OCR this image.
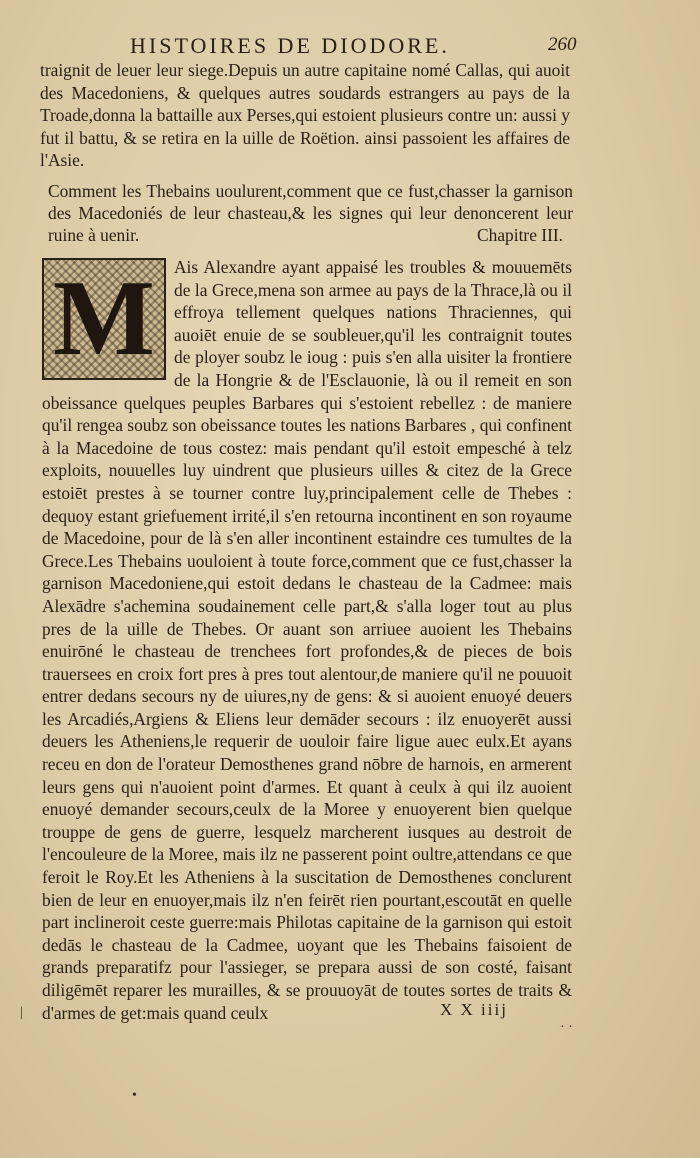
HISTOIRES DE DIODORE.	260

traignit de leuer leur siege.Depuis un autre capitaine nomé Callas, qui auoit des Macedoniens, & quelques autres soudards estrangers au pays de la Troade,donna la battaille aux Perses,qui estoient plusieurs contre un: aussi y fut il battu, & se retira en la uille de Roëtion. ainsi passoient les affaires de l'Asie.

Comment les Thebains uoulurent,comment que ce fust,chasser la garnison des Macedoniés de leur chasteau,& les signes qui leur denoncerent leur ruine à uenir.	Chapitre III.
M	Ais Alexandre ayant appaisé les troubles & mouuemēts de la Grece,mena son armee au pays de la Thrace,là ou il effroya tellement quelques nations Thraciennes, qui auoiēt enuie de se soubleuer,qu'il les contraignit toutes de ployer soubz le ioug : puis s'en alla uisiter la frontiere de la Hongrie & de l'Esclauonie, là ou il remeit en son obeissance quelques peuples Barbares qui s'estoient rebellez : de maniere qu'il rengea soubz son obeissance toutes les nations Barbares , qui confinent à la Macedoine de tous costez: mais pendant qu'il estoit empesché à telz exploits, nouuelles luy uindrent que plusieurs uilles & citez de la Grece estoiēt prestes à se tourner contre luy,principalement celle de Thebes : dequoy estant griefuement irrité,il s'en retourna incontinent en son royaume de Macedoine, pour de là s'en aller incontinent estaindre ces tumultes de la Grece.Les Thebains uouloient à toute force,comment que ce fust,chasser la garnison Macedoniene,qui estoit dedans le chasteau de la Cadmee: mais Alexādre s'achemina soudainement celle part,& s'alla loger tout au plus pres de la uille de Thebes. Or auant son arriuee auoient les Thebains enuirōné le chasteau de trenchees fort profondes,& de pieces de bois trauersees en croix fort pres à pres tout alentour,de maniere qu'il ne pouuoit entrer dedans secours ny de uiures,ny de gens: & si auoient enuoyé deuers les Arcadiés,Argiens & Eliens leur demāder secours : ilz enuoyerēt aussi deuers les Atheniens,le requerir de uouloir faire ligue auec eulx.Et ayans receu en don de l'orateur Demosthenes grand nōbre de harnois, en armerent leurs gens qui n'auoient point d'armes. Et quant à ceulx à qui ilz auoient enuoyé demander secours,ceulx de la Moree y enuoyerent bien quelque trouppe de gens de guerre, lesquelz marcherent iusques au destroit de l'encouleure de la Moree, mais ilz ne passerent point oultre,attendans ce que feroit le Roy.Et les Atheniens à la suscitation de Demosthenes conclurent bien de leur en enuoyer,mais ilz n'en feirēt rien pourtant,escoutāt en quelle part inclineroit ceste guerre:mais Philotas capitaine de la garnison qui estoit dedās le chasteau de la Cadmee, uoyant que les Thebains faisoient de grands preparatifz pour l'assieger, se prepara aussi de son costé, faisant diligēmēt reparer les murailles, & se prouuoyāt de toutes sortes de traits & d'armes de get:mais quand ceulx	X X iiij
|
· ·
•
